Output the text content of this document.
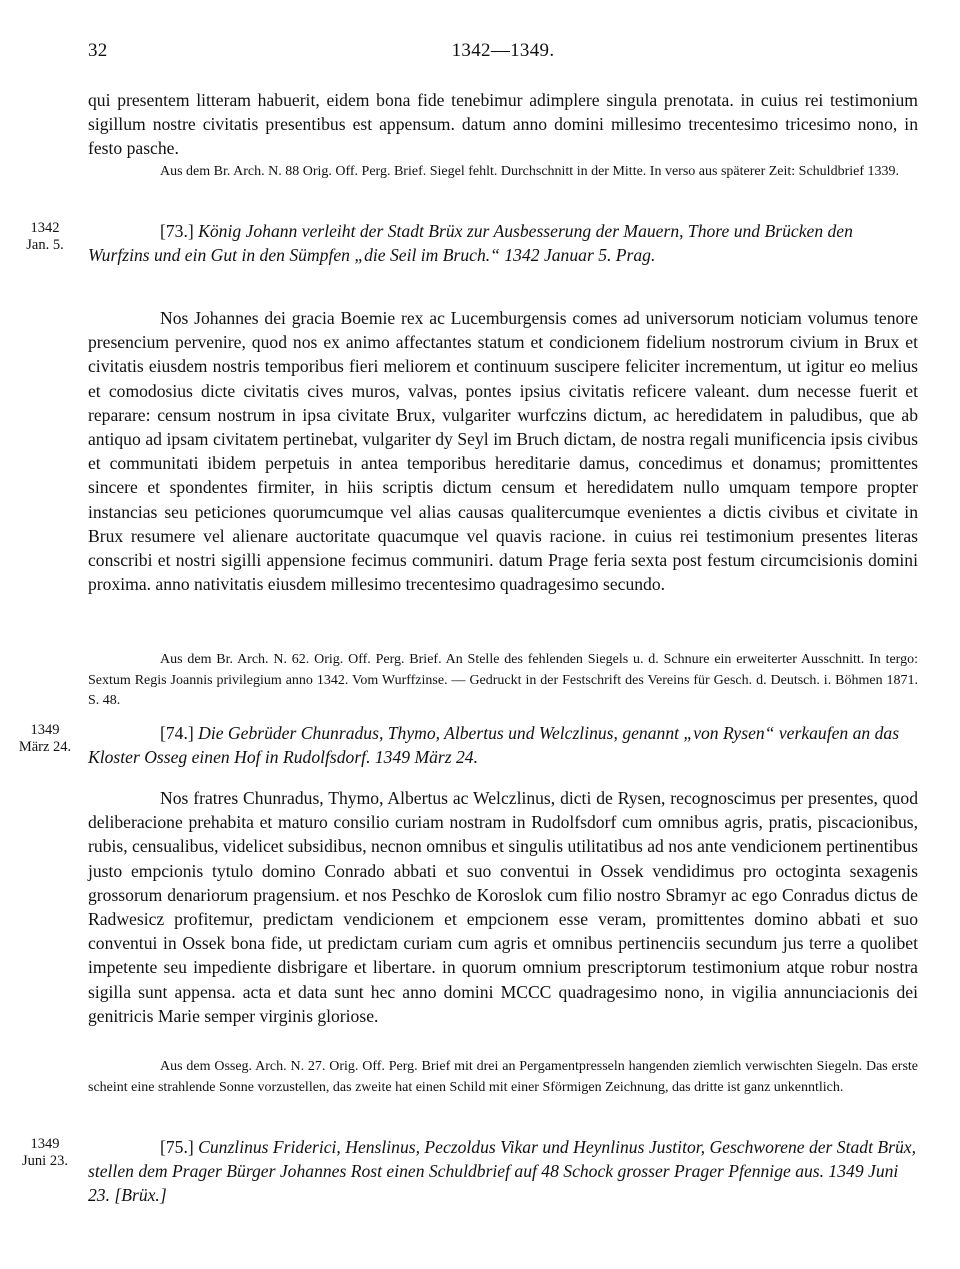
32	1342—1349.

qui presentem litteram habuerit, eidem bona fide tenebimur adimplere singula prenotata. in cuius rei testimonium sigillum nostre civitatis presentibus est appensum. datum anno domini millesimo trecentesimo tricesimo nono, in festo pasche.

Aus dem Br. Arch. N. 88 Orig. Off. Perg. Brief. Siegel fehlt. Durchschnitt in der Mitte. In verso aus späterer Zeit: Schuldbrief 1339.

1342
Jan. 5.

[73.] König Johann verleiht der Stadt Brüx zur Ausbesserung der Mauern, Thore und Brücken den Wurfzins und ein Gut in den Sümpfen „die Seil im Bruch.“ 1342 Januar 5. Prag.

Nos Johannes dei gracia Boemie rex ac Lucemburgensis comes ad universorum noticiam volumus tenore presencium pervenire, quod nos ex animo affectantes statum et condicionem fidelium nostrorum civium in Brux et civitatis eiusdem nostris temporibus fieri meliorem et continuum suscipere feliciter incrementum, ut igitur eo melius et comodosius dicte civitatis cives muros, valvas, pontes ipsius civitatis reficere valeant. dum necesse fuerit et reparare: censum nostrum in ipsa civitate Brux, vulgariter wurfczins dictum, ac heredidatem in paludibus, que ab antiquo ad ipsam civitatem pertinebat, vulgariter dy Seyl im Bruch dictam, de nostra regali munificencia ipsis civibus et communitati ibidem perpetuis in antea temporibus hereditarie damus, concedimus et donamus; promittentes sincere et spondentes firmiter, in hiis scriptis dictum censum et heredidatem nullo umquam tempore propter instancias seu peticiones quorumcumque vel alias causas qualitercumque evenientes a dictis civibus et civitate in Brux resumere vel alienare auctoritate quacumque vel quavis racione. in cuius rei testimonium presentes literas conscribi et nostri sigilli appensione fecimus communiri. datum Prage feria sexta post festum circumcisionis domini proxima. anno nativitatis eiusdem millesimo trecentesimo quadragesimo secundo.

Aus dem Br. Arch. N. 62. Orig. Off. Perg. Brief. An Stelle des fehlenden Siegels u. d. Schnure ein erweiterter Ausschnitt. In tergo: Sextum Regis Joannis privilegium anno 1342. Vom Wurffzinse. — Gedruckt in der Festschrift des Vereins für Gesch. d. Deutsch. i. Böhmen 1871. S. 48.

1349
März 24.

[74.] Die Gebrüder Chunradus, Thymo, Albertus und Welczlinus, genannt „von Rysen“ verkaufen an das Kloster Osseg einen Hof in Rudolfsdorf. 1349 März 24.

Nos fratres Chunradus, Thymo, Albertus ac Welczlinus, dicti de Rysen, recognoscimus per presentes, quod deliberacione prehabita et maturo consilio curiam nostram in Rudolfsdorf cum omnibus agris, pratis, piscacionibus, rubis, censualibus, videlicet subsidibus, necnon omnibus et singulis utilitatibus ad nos ante vendicionem pertinentibus justo empcionis tytulo domino Conrado abbati et suo conventui in Ossek vendidimus pro octoginta sexagenis grossorum denariorum pragensium. et nos Peschko de Koroslok cum filio nostro Sbramyr ac ego Conradus dictus de Radwesicz profitemur, predictam vendicionem et empcionem esse veram, promittentes domino abbati et suo conventui in Ossek bona fide, ut predictam curiam cum agris et omnibus pertinenciis secundum jus terre a quolibet impetente seu impediente disbrigare et libertare. in quorum omnium prescriptorum testimonium atque robur nostra sigilla sunt appensa. acta et data sunt hec anno domini MCCC quadragesimo nono, in vigilia annunciacionis dei genitricis Marie semper virginis gloriose.

Aus dem Osseg. Arch. N. 27. Orig. Off. Perg. Brief mit drei an Pergamentpresseln hangenden ziemlich verwischten Siegeln. Das erste scheint eine strahlende Sonne vorzustellen, das zweite hat einen Schild mit einer Sförmigen Zeichnung, das dritte ist ganz unkenntlich.

1349
Juni 23.

[75.] Cunzlinus Friderici, Henslinus, Peczoldus Vikar und Heynlinus Justitor, Geschworene der Stadt Brüx, stellen dem Prager Bürger Johannes Rost einen Schuldbrief auf 48 Schock grosser Prager Pfennige aus. 1349 Juni 23. [Brüx.]
